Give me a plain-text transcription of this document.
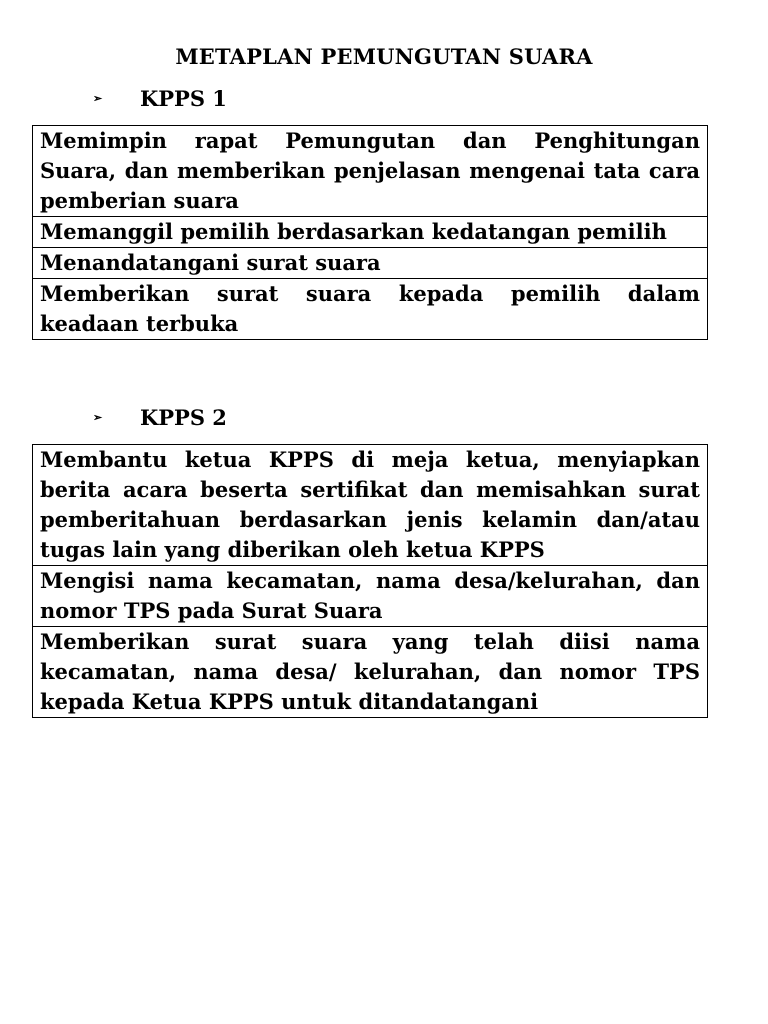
METAPLAN PEMUNGUTAN SUARA
➢	KPPS 1
Memimpin rapat Pemungutan dan Penghitungan Suara, dan memberikan penjelasan mengenai tata cara pemberian suara
Memanggil pemilih berdasarkan kedatangan pemilih
Menandatangani surat suara
Memberikan surat suara kepada pemilih dalam keadaan terbuka
➢	KPPS 2
Membantu ketua KPPS di meja ketua, menyiapkan berita acara beserta sertifikat dan memisahkan surat pemberitahuan berdasarkan jenis kelamin dan/atau tugas lain yang diberikan oleh ketua KPPS
Mengisi nama kecamatan, nama desa/kelurahan, dan nomor TPS pada Surat Suara
Memberikan surat suara yang telah diisi nama kecamatan, nama desa/ kelurahan, dan nomor TPS kepada Ketua KPPS untuk ditandatangani
